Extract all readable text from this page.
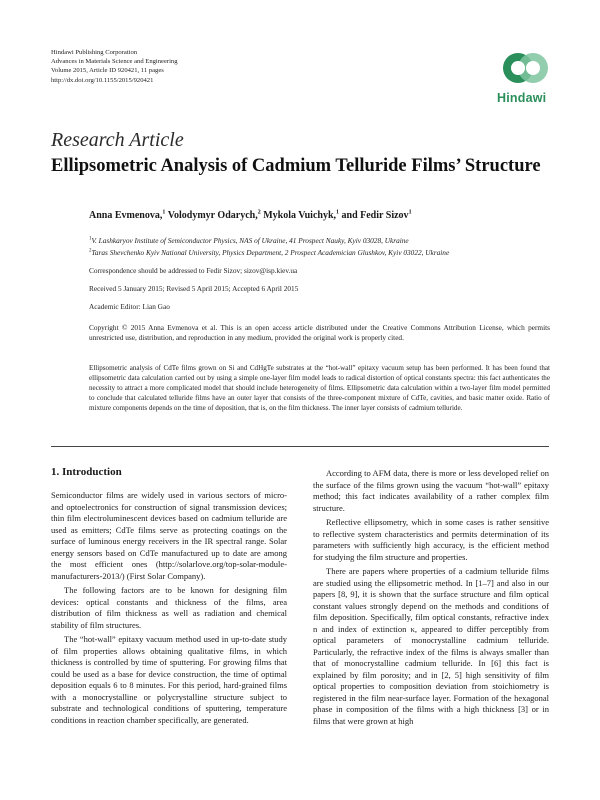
Hindawi Publishing Corporation
Advances in Materials Science and Engineering
Volume 2015, Article ID 920421, 11 pages
http://dx.doi.org/10.1155/2015/920421
Hindawi
Research Article
Ellipsometric Analysis of Cadmium Telluride Films’ Structure
Anna Evmenova,$^1$ Volodymyr Odarych,$^2$ Mykola Vuichyk,$^1$ and Fedir Sizov$^1$
$^1$V. Lashkaryov Institute of Semiconductor Physics, NAS of Ukraine, 41 Prospect Nauky, Kyiv 03028, Ukraine
$^2$Taras Shevchenko Kyiv National University, Physics Department, 2 Prospect Academician Glushkov, Kyiv 03022, Ukraine
Correspondence should be addressed to Fedir Sizov; sizov@isp.kiev.ua
Received 5 January 2015; Revised 5 April 2015; Accepted 6 April 2015
Academic Editor: Lian Gao
Copyright © 2015 Anna Evmenova et al. This is an open access article distributed under the Creative Commons Attribution License, which permits unrestricted use, distribution, and reproduction in any medium, provided the original work is properly cited.
Ellipsometric analysis of CdTe films grown on Si and CdHgTe substrates at the “hot-wall” epitaxy vacuum setup has been performed. It has been found that ellipsometric data calculation carried out by using a simple one-layer film model leads to radical distortion of optical constants spectra: this fact authenticates the necessity to attract a more complicated model that should include heterogeneity of films. Ellipsometric data calculation within a two-layer film model permitted to conclude that calculated telluride films have an outer layer that consists of the three-component mixture of CdTe, cavities, and basic matter oxide. Ratio of mixture components depends on the time of deposition, that is, on the film thickness. The inner layer consists of cadmium telluride.
1. Introduction

Semiconductor films are widely used in various sectors of micro- and optoelectronics for construction of signal transmission devices; thin film electroluminescent devices based on cadmium telluride are used as emitters; CdTe films serve as protecting coatings on the surface of luminous energy receivers in the IR spectral range. Solar energy sensors based on CdTe manufactured up to date are among the most efficient ones (http://solarlove.org/top-solar-module-manufacturers-2013/) (First Solar Company).

The following factors are to be known for designing film devices: optical constants and thickness of the films, area distribution of film thickness as well as radiation and chemical stability of film structures.

The “hot-wall” epitaxy vacuum method used in up-to-date study of film properties allows obtaining qualitative films, in which thickness is controlled by time of sputtering. For growing films that could be used as a base for device construction, the time of optimal deposition equals 6 to 8 minutes. For this period, hard-grained films with a monocrystalline or polycrystalline structure subject to substrate and technological conditions of sputtering, temperature conditions in reaction chamber specifically, are generated.

According to AFM data, there is more or less developed relief on the surface of the films grown using the vacuum “hot-wall” epitaxy method; this fact indicates availability of a rather complex film structure.

Reflective ellipsometry, which in some cases is rather sensitive to reflective system characteristics and permits determination of its parameters with sufficiently high accuracy, is the efficient method for studying the film structure and properties.

There are papers where properties of a cadmium telluride films are studied using the ellipsometric method. In [1–7] and also in our papers [8, 9], it is shown that the surface structure and film optical constant values strongly depend on the methods and conditions of film deposition. Specifically, film optical constants, refractive index n and index of extinction κ, appeared to differ perceptibly from optical parameters of monocrystalline cadmium telluride. Particularly, the refractive index of the films is always smaller than that of monocrystalline cadmium telluride. In [6] this fact is explained by film porosity; and in [2, 5] high sensitivity of film optical properties to composition deviation from stoichiometry is registered in the film near-surface layer. Formation of the hexagonal phase in composition of the films with a high thickness [3] or in films that were grown at high
